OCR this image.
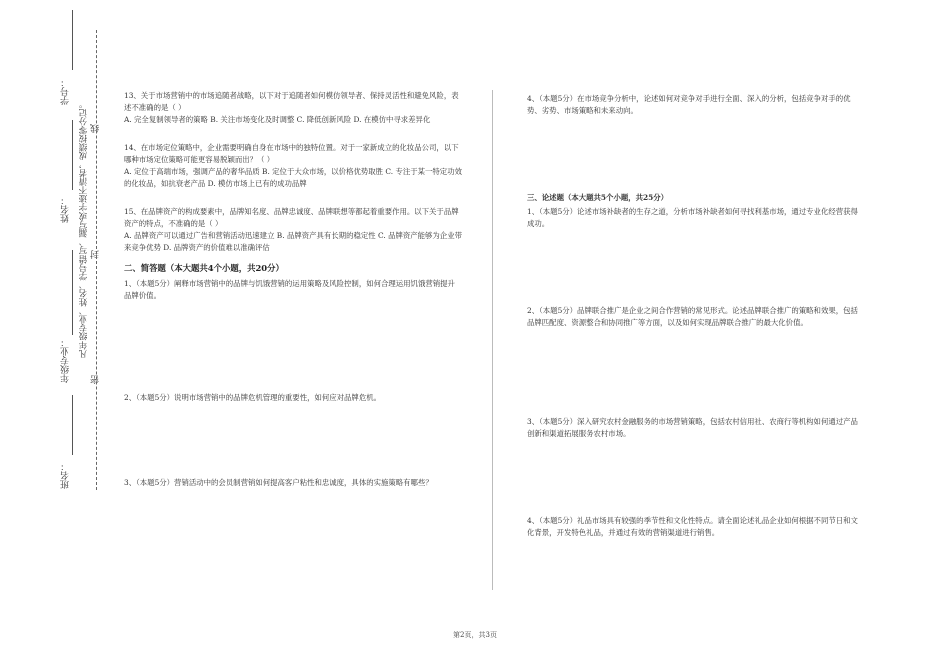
学号：
姓名：
年级专业：
班名：
凡年级专业、姓名、学号错写、漏写或字迹不清者，成绩按零分记。 线
封
密

13、关于市场营销中的市场追随者战略，以下对于追随者如何模仿领导者、保持灵活性和避免风险，表述不准确的是（ ）
A. 完全复制领导者的策略 B. 关注市场变化及时调整 C. 降低创新风险 D. 在模仿中寻求差异化

14、在市场定位策略中，企业需要明确自身在市场中的独特位置。对于一家新成立的化妆品公司，以下哪种市场定位策略可能更容易脱颖而出？（ ）
A. 定位于高端市场，强调产品的奢华品质 B. 定位于大众市场，以价格优势取胜 C. 专注于某一特定功效的化妆品，如抗衰老产品 D. 模仿市场上已有的成功品牌

15、在品牌资产的构成要素中，品牌知名度、品牌忠诚度、品牌联想等都起着重要作用。以下关于品牌资产的特点，不准确的是（ ）
A. 品牌资产可以通过广告和营销活动迅速建立 B. 品牌资产具有长期的稳定性 C. 品牌资产能够为企业带来竞争优势 D. 品牌资产的价值难以准确评估

二、简答题（本大题共4个小题，共20分）
1、（本题5分）阐释市场营销中的品牌与饥饿营销的运用策略及风险控制，如何合理运用饥饿营销提升品牌价值。
2、（本题5分）说明市场营销中的品牌危机管理的重要性，如何应对品牌危机。
3、（本题5分）营销活动中的会员制营销如何提高客户粘性和忠诚度，具体的实施策略有哪些？
4、（本题5分）在市场竞争分析中，论述如何对竞争对手进行全面、深入的分析，包括竞争对手的优势、劣势、市场策略和未来动向。
三、论述题（本大题共5个小题，共25分）
1、（本题5分）论述市场补缺者的生存之道，分析市场补缺者如何寻找利基市场，通过专业化经营获得成功。
2、（本题5分）品牌联合推广是企业之间合作营销的常见形式。论述品牌联合推广的策略和效果，包括品牌匹配度、资源整合和协同推广等方面，以及如何实现品牌联合推广的最大化价值。
3、（本题5分）深入研究农村金融服务的市场营销策略，包括农村信用社、农商行等机构如何通过产品创新和渠道拓展服务农村市场。
4、（本题5分）礼品市场具有较强的季节性和文化性特点。请全面论述礼品企业如何根据不同节日和文化背景，开发特色礼品，并通过有效的营销渠道进行销售。
第2页，共3页
